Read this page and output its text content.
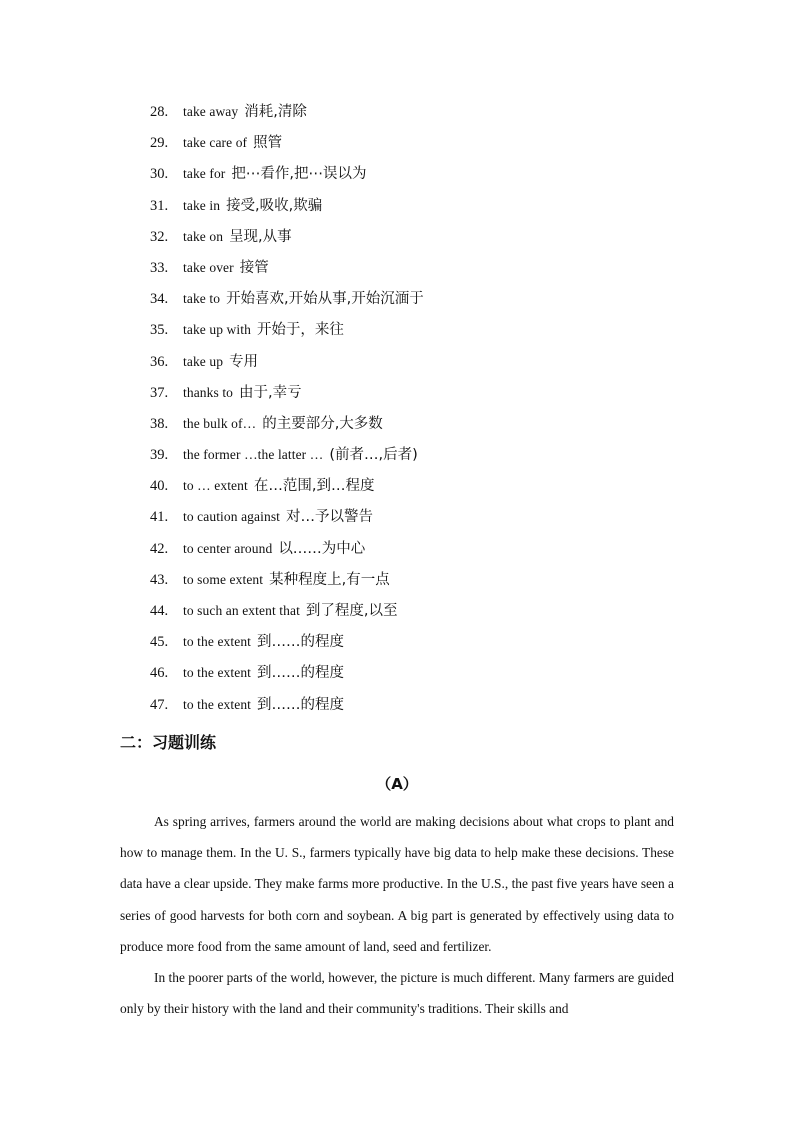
28. take away 消耗,清除
29. take care of 照管
30. take for 把⋯看作,把⋯误以为
31. take in 接受,吸收,欺骗
32. take on 呈现,从事
33. take over 接管
34. take to 开始喜欢,开始从事,开始沉湎于
35. take up with 开始于，来往
36. take up 专用
37. thanks to 由于,幸亏
38. the bulk of… 的主要部分,大多数
39. the former …the latter … (前者…,后者)
40. to … extent 在…范围,到…程度
41. to caution against 对…予以警告
42. to center around 以……为中心
43. to some extent 某种程度上,有一点
44. to such an extent that 到了程度,以至
45. to the extent 到……的程度
46. to the extent 到……的程度
47. to the extent 到……的程度
二：习题训练
（A）

As spring arrives, farmers around the world are making decisions about what crops to plant and how to manage them. In the U. S., farmers typically have big data to help make these decisions. These data have a clear upside. They make farms more productive. In the U.S., the past five years have seen a series of good harvests for both corn and soybean. A big part is generated by effectively using data to produce more food from the same amount of land, seed and fertilizer.

In the poorer parts of the world, however, the picture is much different. Many farmers are guided only by their history with the land and their community's traditions. Their skills and
